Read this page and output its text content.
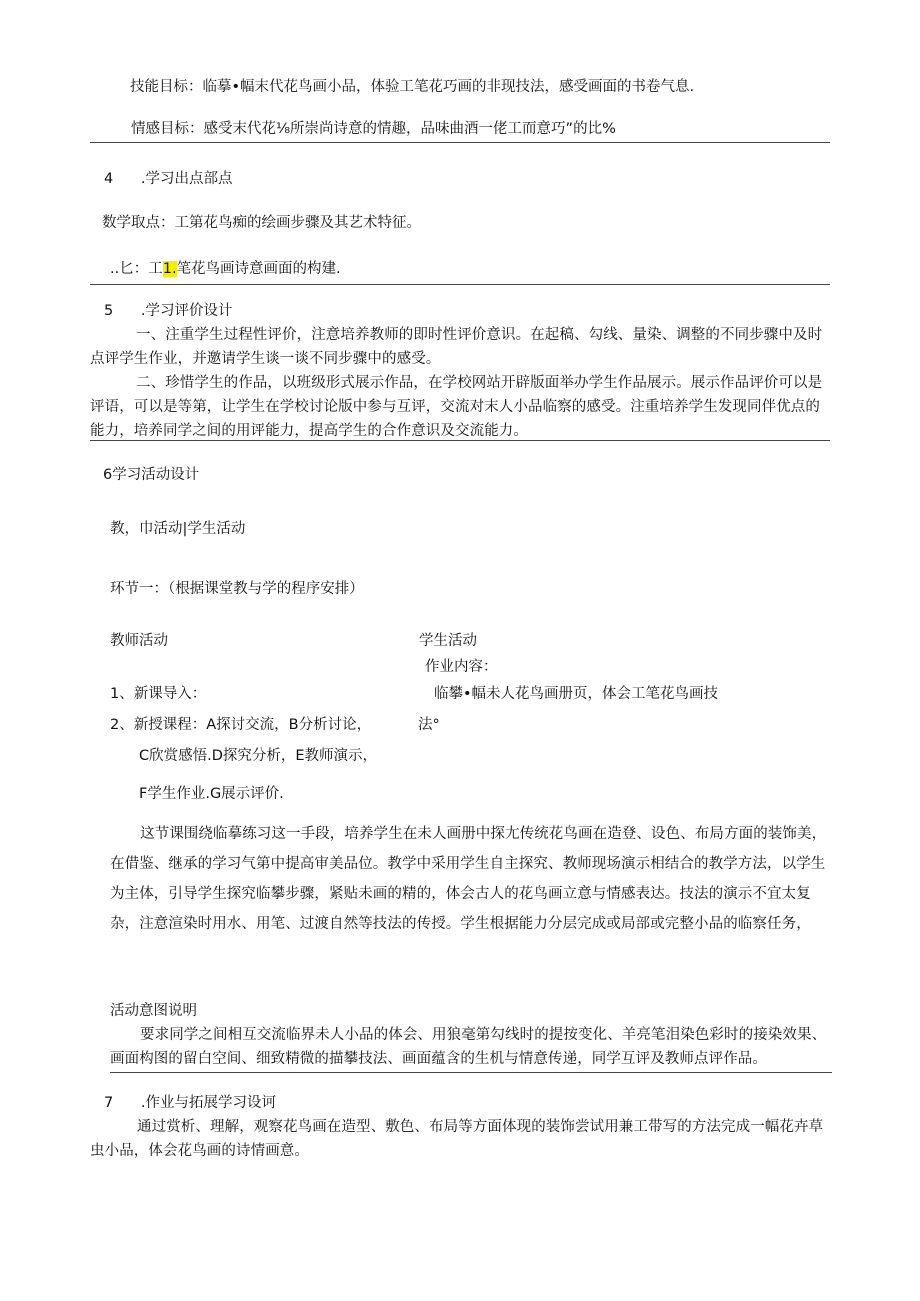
技能目标：临摹•幅末代花鸟画小品，体验工笔花巧画的非现技法，感受画面的书卷气息.
情感目标：感受末代花⅛所崇尚诗意的情趣，品味曲酒一佬工而意巧”的比%
4	.学习出点部点
数学取点：工第花鸟痴的绘画步骤及其艺术特征。
..匕：工1.笔花鸟画诗意画面的构建.
5	.学习评价设计
一、注重学生过程性评价，注意培养教师的即时性评价意识。在起稿、勾线、量染、调整的不同步骤中及时点评学生作业，并邀请学生谈一谈不同步骤中的感受。
二、珍惜学生的作品，以班级形式展示作品，在学校网站开辟版面举办学生作品展示。展示作品评价可以是评语，可以是等第，让学生在学校讨论版中参与互评，交流对末人小品临察的感受。注重培养学生发现同伴优点的能力，培养同学之间的用评能力，提高学生的合作意识及交流能力。
6学习活动设计
教，巾活动|学生活动
环节一：（根据课堂教与学的程序安排）
教师活动	学生活动
作业内容：
1、新课导入：	临攀•幅未人花鸟画册页，体会工笔花鸟画技
2、新授课程：A探讨交流，B分析讨论，	法°
C欣赏感悟.D探究分析，E教师演示，
F学生作业.G展示评价.
这节课围绕临摹练习这一手段，培养学生在未人画册中探尢传统花鸟画在造登、设色、布局方面的装饰美，在借鉴、继承的学习气第中提高审美品位。教学中采用学生自主探究、教师现场演示相结合的教学方法，以学生为主体，引导学生探究临攀步骤，紧贴未画的精的，体会古人的花鸟画立意与情感表达。技法的演示不宜太复杂，注意渲染时用水、用笔、过渡自然等技法的传授。学生根据能力分层完成或局部或完整小品的临察任务，
活动意图说明
要求同学之间相互交流临界未人小品的体会、用狼毫第勾线时的提按变化、羊亮笔泪染色彩时的接染效果、画面构图的留白空间、细致精微的描攀技法、画面蕴含的生机与情意传递，同学互评及教师点评作品。
7	.作业与拓展学习设诃
通过赏析、理解，观察花鸟画在造型、敷色、布局等方面体现的装饰尝试用兼工带写的方法完成一幅花卉草虫小品，体会花鸟画的诗情画意。
